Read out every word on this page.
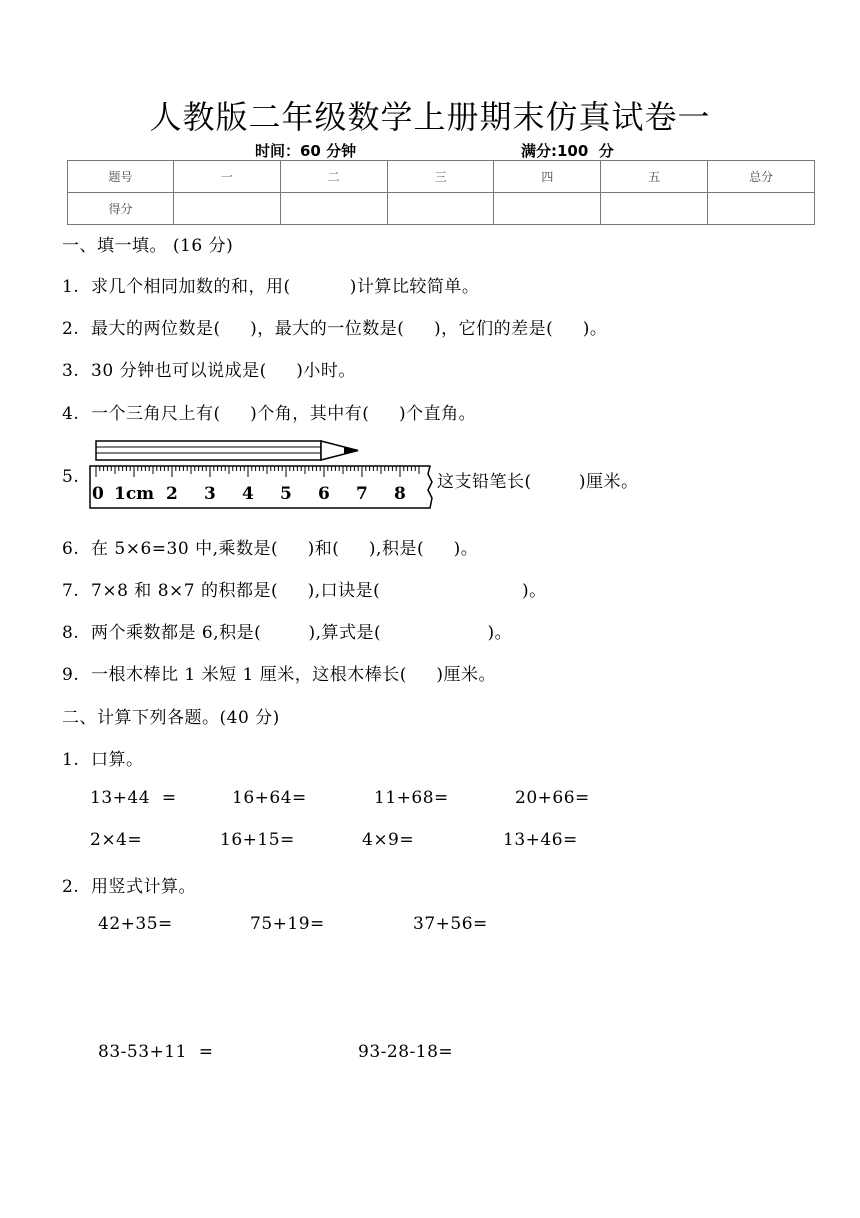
人教版二年级数学上册期末仿真试卷一
时间：60 分钟	满分:100  分
题号	一	二	三	四	五	总分
得分						
一、填一填。 (16 分)
1.  求几个相同加数的和，用(          )计算比较简单。
2.  最大的两位数是(     )，最大的一位数是(     )，它们的差是(     )。
3.  30 分钟也可以说成是(     )小时。
4.  一个三角尺上有(     )个角，其中有(     )个直角。
5.
0 1cm 2 3 4 5 6 7 8
这支铅笔长(        )厘米。
6.  在 5×6=30 中,乘数是(     )和(     ),积是(     )。
7.  7×8 和 8×7 的积都是(     ),口诀是(                        )。
8.  两个乘数都是 6,积是(        ),算式是(                  )。
9.  一根木棒比 1 米短 1 厘米，这根木棒长(     )厘米。
二、计算下列各题。(40 分)
1.  口算。
13+44  =	16+64=	11+68=	20+66=
2×4=	16+15=	4×9=	13+46=
2.  用竖式计算。
42+35=	75+19=	37+56=
83-53+11  =	93-28-18=
